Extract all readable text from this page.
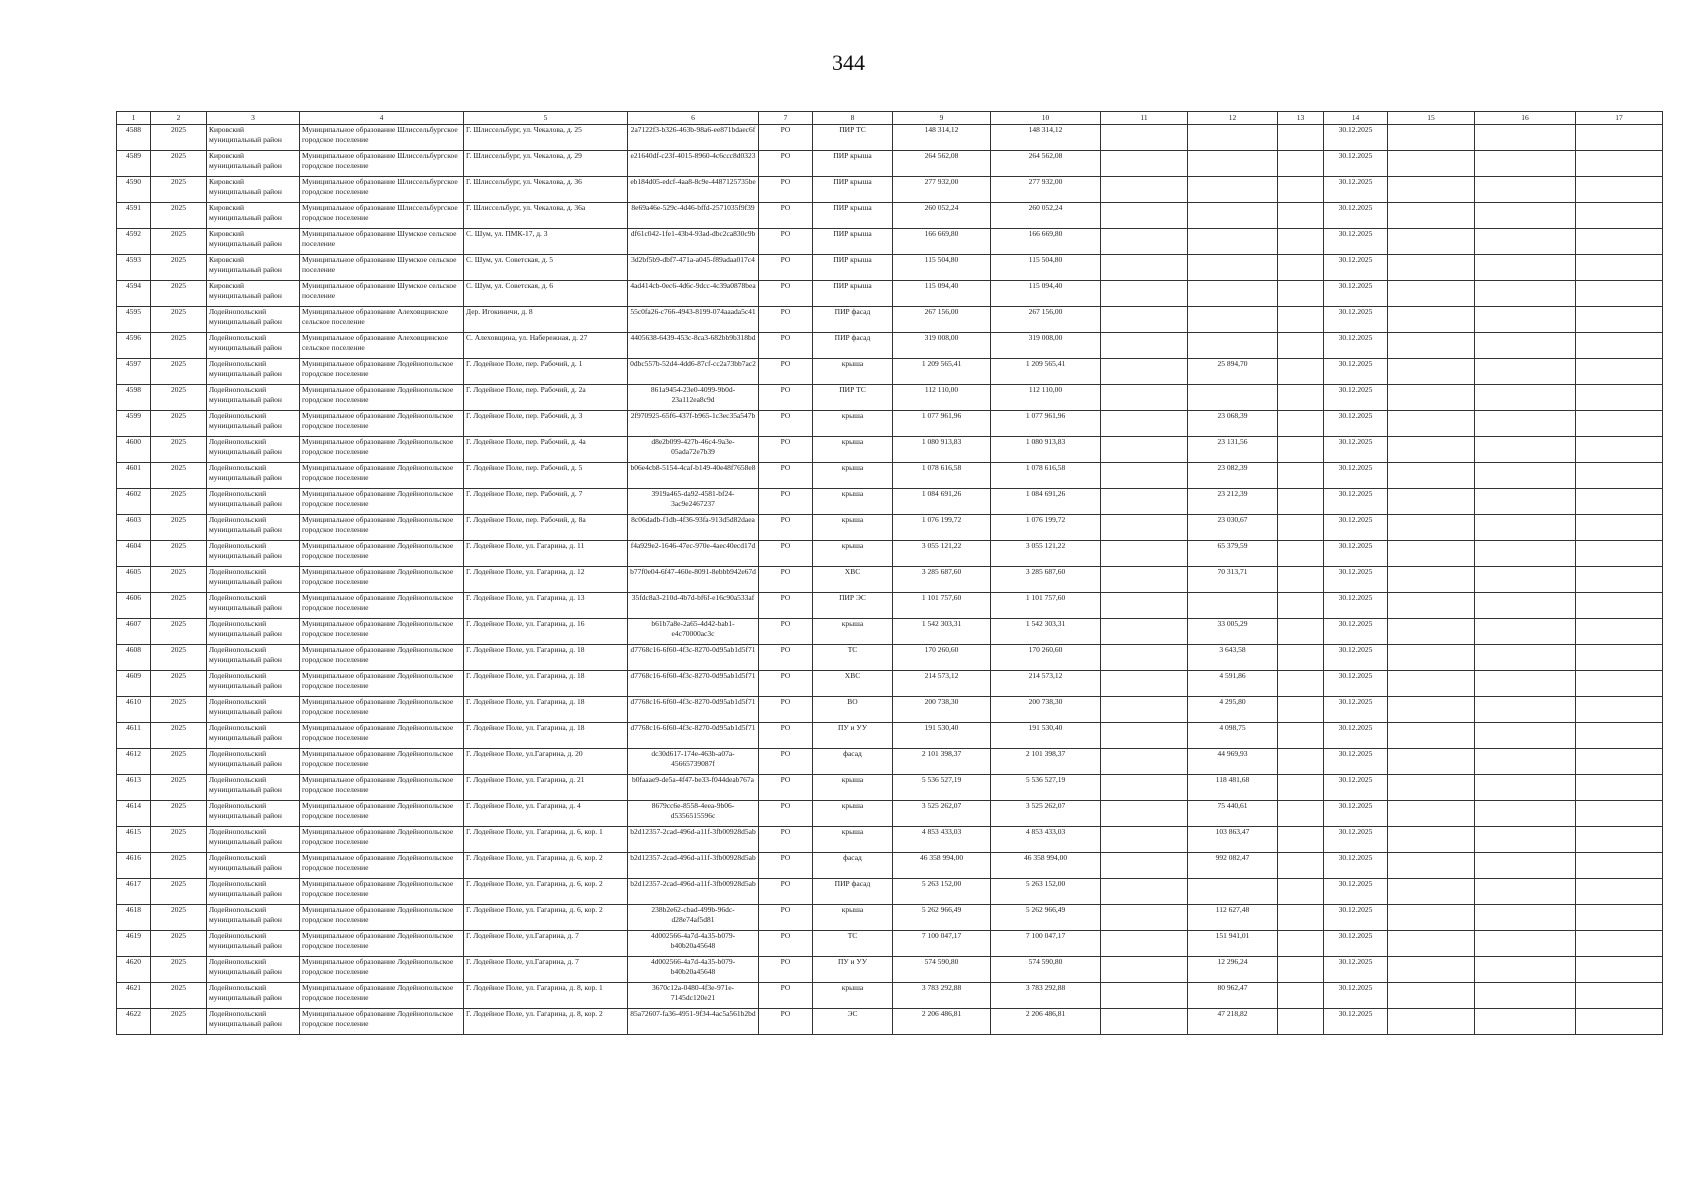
344
1	2	3	4	5	6	7	8	9	10	11	12	13	14	15	16	17
4588	2025	Кировский муниципальный район	Муниципальное образование Шлиссельбургское городское поселение	Г. Шлиссельбург, ул. Чекалова, д. 25	2a7122f3-b326-463b-98a6-ee871bdaec6f	РО	ПИР ТС	148 314,12	148 314,12				30.12.2025			
4589	2025	Кировский муниципальный район	Муниципальное образование Шлиссельбургское городское поселение	Г. Шлиссельбург, ул. Чекалова, д. 29	e21640df-c23f-4015-8960-4c6ccc8d0323	РО	ПИР крыша	264 562,08	264 562,08				30.12.2025			
4590	2025	Кировский муниципальный район	Муниципальное образование Шлиссельбургское городское поселение	Г. Шлиссельбург, ул. Чекалова, д. 36	eb184d05-edcf-4aa8-8c9e-4487125735be	РО	ПИР крыша	277 932,00	277 932,00				30.12.2025			
4591	2025	Кировский муниципальный район	Муниципальное образование Шлиссельбургское городское поселение	Г. Шлиссельбург, ул. Чекалова, д. 36а	8e69a46e-529c-4d46-bffd-2571035f9f39	РО	ПИР крыша	260 052,24	260 052,24				30.12.2025			
4592	2025	Кировский муниципальный район	Муниципальное образование Шумское сельское поселение	С. Шум, ул. ПМК-17, д. 3	df61c042-1fe1-43b4-93ad-dbc2ca830c9b	РО	ПИР крыша	166 669,80	166 669,80				30.12.2025			
4593	2025	Кировский муниципальный район	Муниципальное образование Шумское сельское поселение	С. Шум, ул. Советская, д. 5	3d2bf5b9-dbf7-471a-a045-f89adaa017c4	РО	ПИР крыша	115 504,80	115 504,80				30.12.2025			
4594	2025	Кировский муниципальный район	Муниципальное образование Шумское сельское поселение	С. Шум, ул. Советская, д. 6	4ad414cb-0ec6-4d6c-9dcc-4c39a0878bea	РО	ПИР крыша	115 094,40	115 094,40				30.12.2025			
4595	2025	Лодейнопольский муниципальный район	Муниципальное образование Алеховщинское сельское поселение	Дер. Игокиничи, д. 8	55c0fa26-c766-4943-8199-074aaada5c41	РО	ПИР фасад	267 156,00	267 156,00				30.12.2025			
4596	2025	Лодейнопольский муниципальный район	Муниципальное образование Алеховщинское сельское поселение	С. Алеховщина, ул. Набережная, д. 27	4405638-6439-453c-8ca3-682bb9b318bd	РО	ПИР фасад	319 008,00	319 008,00				30.12.2025			
4597	2025	Лодейнопольский муниципальный район	Муниципальное образование Лодейнопольское городское поселение	Г. Лодейное Поле, пер. Рабочий, д. 1	0dbc557b-52d4-4dd6-87cf-cc2a73bb7ac2	РО	крыша	1 209 565,41	1 209 565,41		25 894,70		30.12.2025			
4598	2025	Лодейнопольский муниципальный район	Муниципальное образование Лодейнопольское городское поселение	Г. Лодейное Поле, пер. Рабочий, д. 2а	861a9454-23e0-4099-9b0d-23a112ea8c9d	РО	ПИР ТС	112 110,00	112 110,00				30.12.2025			
4599	2025	Лодейнопольский муниципальный район	Муниципальное образование Лодейнопольское городское поселение	Г. Лодейное Поле, пер. Рабочий, д. 3	2f970925-65f6-437f-b965-1c3ec35a547b	РО	крыша	1 077 961,96	1 077 961,96		23 068,39		30.12.2025			
4600	2025	Лодейнопольский муниципальный район	Муниципальное образование Лодейнопольское городское поселение	Г. Лодейное Поле, пер. Рабочий, д. 4а	d8e2b099-427b-46c4-9a3e-05ada72e7b39	РО	крыша	1 080 913,83	1 080 913,83		23 131,56		30.12.2025			
4601	2025	Лодейнопольский муниципальный район	Муниципальное образование Лодейнопольское городское поселение	Г. Лодейное Поле, пер. Рабочий, д. 5	b06e4cb8-5154-4caf-b149-40e48f7658e8	РО	крыша	1 078 616,58	1 078 616,58		23 082,39		30.12.2025			
4602	2025	Лодейнопольский муниципальный район	Муниципальное образование Лодейнопольское городское поселение	Г. Лодейное Поле, пер. Рабочий, д. 7	3919a465-da92-4581-bf24-3ac9e2467237	РО	крыша	1 084 691,26	1 084 691,26		23 212,39		30.12.2025			
4603	2025	Лодейнопольский муниципальный район	Муниципальное образование Лодейнопольское городское поселение	Г. Лодейное Поле, пер. Рабочий, д. 8а	8c06dadb-f1db-4f36-93fa-913d5d82daea	РО	крыша	1 076 199,72	1 076 199,72		23 030,67		30.12.2025			
4604	2025	Лодейнопольский муниципальный район	Муниципальное образование Лодейнопольское городское поселение	Г. Лодейное Поле, ул. Гагарина, д. 11	f4a929e2-1646-47ec-970e-4aec40ecd17d	РО	крыша	3 055 121,22	3 055 121,22		65 379,59		30.12.2025			
4605	2025	Лодейнопольский муниципальный район	Муниципальное образование Лодейнопольское городское поселение	Г. Лодейное Поле, ул. Гагарина, д. 12	b77f0e04-6f47-460e-8091-8ebbb942e67d	РО	ХВС	3 285 687,60	3 285 687,60		70 313,71		30.12.2025			
4606	2025	Лодейнопольский муниципальный район	Муниципальное образование Лодейнопольское городское поселение	Г. Лодейное Поле, ул. Гагарина, д. 13	35fdc8a3-210d-4b7d-bf6f-e16c90a533af	РО	ПИР ЭС	1 101 757,60	1 101 757,60				30.12.2025			
4607	2025	Лодейнопольский муниципальный район	Муниципальное образование Лодейнопольское городское поселение	Г. Лодейное Поле, ул. Гагарина, д. 16	b61b7a8e-2a65-4d42-bab1-e4c70000ac3c	РО	крыша	1 542 303,31	1 542 303,31		33 005,29		30.12.2025			
4608	2025	Лодейнопольский муниципальный район	Муниципальное образование Лодейнопольское городское поселение	Г. Лодейное Поле, ул. Гагарина, д. 18	d7768c16-6f60-4f3c-8270-0d95ab1d5f71	РО	ТС	170 260,60	170 260,60		3 643,58		30.12.2025			
4609	2025	Лодейнопольский муниципальный район	Муниципальное образование Лодейнопольское городское поселение	Г. Лодейное Поле, ул. Гагарина, д. 18	d7768c16-6f60-4f3c-8270-0d95ab1d5f71	РО	ХВС	214 573,12	214 573,12		4 591,86		30.12.2025			
4610	2025	Лодейнопольский муниципальный район	Муниципальное образование Лодейнопольское городское поселение	Г. Лодейное Поле, ул. Гагарина, д. 18	d7768c16-6f60-4f3c-8270-0d95ab1d5f71	РО	ВО	200 738,30	200 738,30		4 295,80		30.12.2025			
4611	2025	Лодейнопольский муниципальный район	Муниципальное образование Лодейнопольское городское поселение	Г. Лодейное Поле, ул. Гагарина, д. 18	d7768c16-6f60-4f3c-8270-0d95ab1d5f71	РО	ПУ и УУ	191 530,40	191 530,40		4 098,75		30.12.2025			
4612	2025	Лодейнопольский муниципальный район	Муниципальное образование Лодейнопольское городское поселение	Г. Лодейное Поле, ул.Гагарина, д. 20	dc30d617-174e-463b-a07a-45665739087f	РО	фасад	2 101 398,37	2 101 398,37		44 969,93		30.12.2025			
4613	2025	Лодейнопольский муниципальный район	Муниципальное образование Лодейнопольское городское поселение	Г. Лодейное Поле, ул. Гагарина, д. 21	b0faaae9-de5a-4f47-be33-f044deab767a	РО	крыша	5 536 527,19	5 536 527,19		118 481,68		30.12.2025			
4614	2025	Лодейнопольский муниципальный район	Муниципальное образование Лодейнопольское городское поселение	Г. Лодейное Поле, ул. Гагарина, д. 4	8679cc6e-8558-4eea-9b06-d5356515596c	РО	крыша	3 525 262,07	3 525 262,07		75 440,61		30.12.2025			
4615	2025	Лодейнопольский муниципальный район	Муниципальное образование Лодейнопольское городское поселение	Г. Лодейное Поле, ул. Гагарина, д. 6, кор. 1	b2d12357-2cad-496d-a11f-3fb00928d5ab	РО	крыша	4 853 433,03	4 853 433,03		103 863,47		30.12.2025			
4616	2025	Лодейнопольский муниципальный район	Муниципальное образование Лодейнопольское городское поселение	Г. Лодейное Поле, ул. Гагарина, д. 6, кор. 2	b2d12357-2cad-496d-a11f-3fb00928d5ab	РО	фасад	46 358 994,00	46 358 994,00		992 082,47		30.12.2025			
4617	2025	Лодейнопольский муниципальный район	Муниципальное образование Лодейнопольское городское поселение	Г. Лодейное Поле, ул. Гагарина, д. 6, кор. 2	b2d12357-2cad-496d-a11f-3fb00928d5ab	РО	ПИР фасад	5 263 152,00	5 263 152,00				30.12.2025			
4618	2025	Лодейнопольский муниципальный район	Муниципальное образование Лодейнопольское городское поселение	Г. Лодейное Поле, ул. Гагарина, д. 6, кор. 2	238b2e62-cbad-499b-96dc-d28e74af5d81	РО	крыша	5 262 966,49	5 262 966,49		112 627,48		30.12.2025			
4619	2025	Лодейнопольский муниципальный район	Муниципальное образование Лодейнопольское городское поселение	Г. Лодейное Поле, ул.Гагарина, д. 7	4d002566-4a7d-4a35-b079-b40b20a45648	РО	ТС	7 100 047,17	7 100 047,17		151 941,01		30.12.2025			
4620	2025	Лодейнопольский муниципальный район	Муниципальное образование Лодейнопольское городское поселение	Г. Лодейное Поле, ул.Гагарина, д. 7	4d002566-4a7d-4a35-b079-b40b20a45648	РО	ПУ и УУ	574 590,80	574 590,80		12 296,24		30.12.2025			
4621	2025	Лодейнопольский муниципальный район	Муниципальное образование Лодейнопольское городское поселение	Г. Лодейное Поле, ул. Гагарина, д. 8, кор. 1	3670c12a-0480-4f3e-971e-7145dc120e21	РО	крыша	3 783 292,88	3 783 292,88		80 962,47		30.12.2025			
4622	2025	Лодейнопольский муниципальный район	Муниципальное образование Лодейнопольское городское поселение	Г. Лодейное Поле, ул. Гагарина, д. 8, кор. 2	85a72607-fa36-4951-9f34-4ac5a561b2bd	РО	ЭС	2 206 486,81	2 206 486,81		47 218,82		30.12.2025			
